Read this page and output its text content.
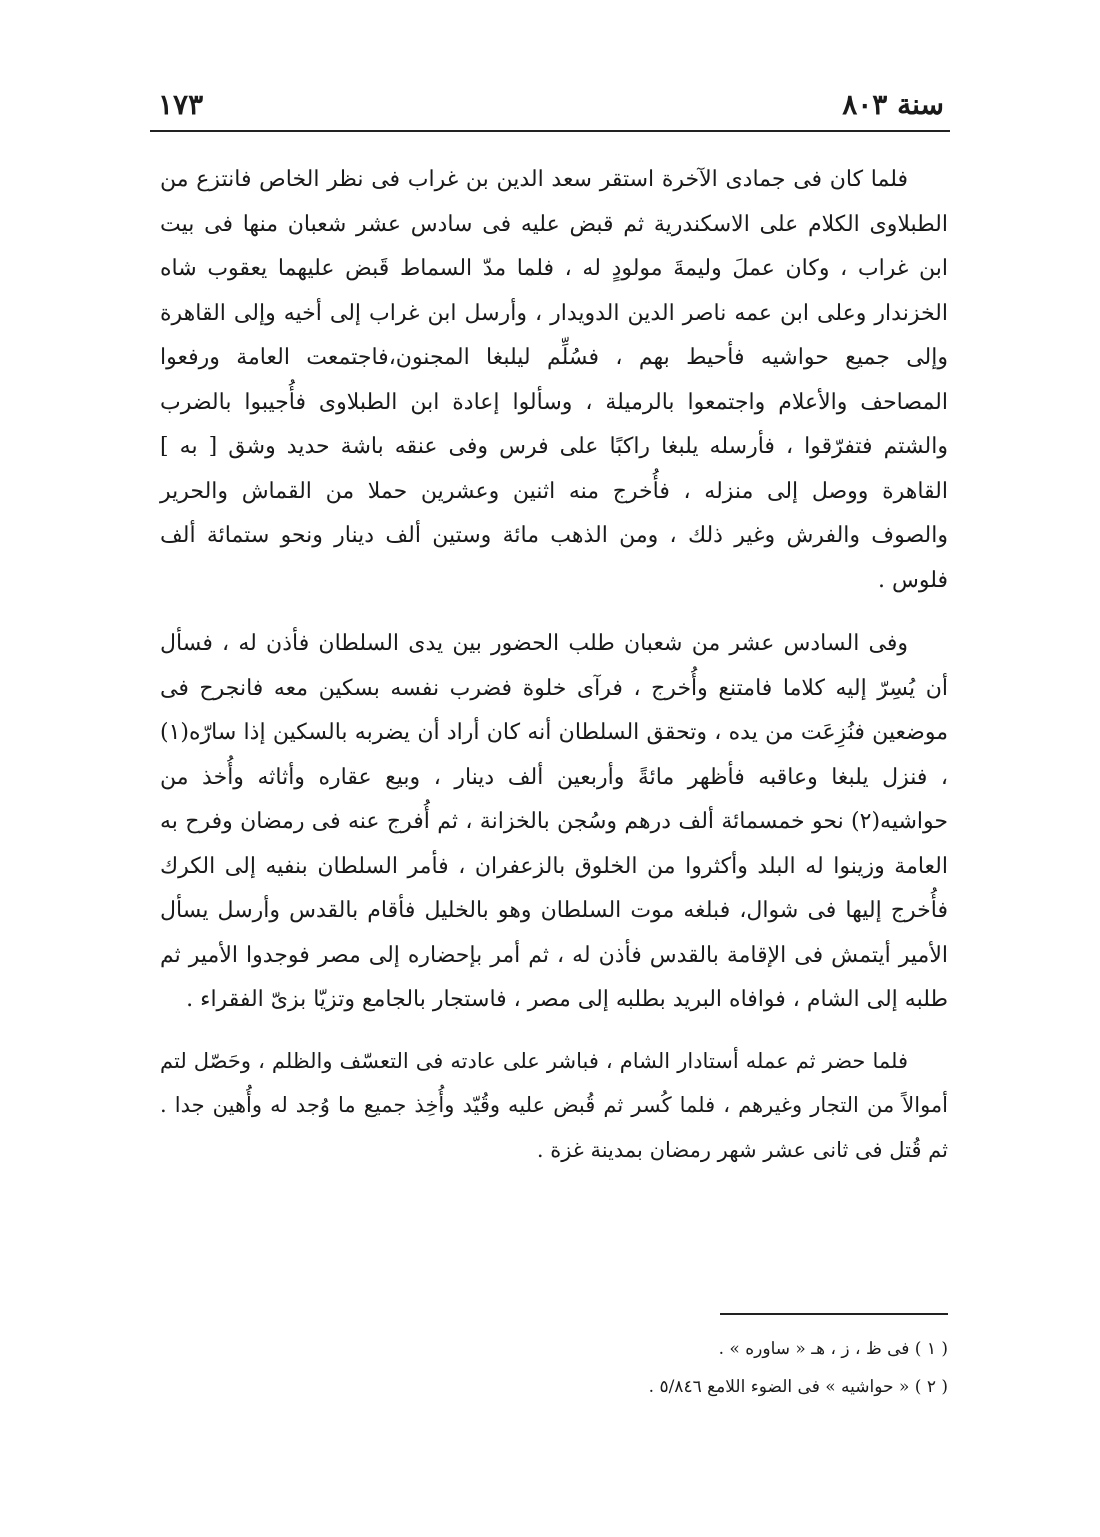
١٧٣	سنة ٨٠٣

فلما كان فى جمادى الآخرة استقر سعد الدين بن غراب فى نظر الخاص فانتزع من الطبلاوى الكلام على الاسكندرية ثم قبض عليه فى سادس عشر شعبان منها فى بيت ابن غراب ، وكان عملَ وليمةَ مولودٍ له ، فلما مدّ السماط قَبض عليهما يعقوب شاه الخزندار وعلى ابن عمه ناصر الدين الدويدار ، وأرسل ابن غراب إلى أخيه وإلى القاهرة وإلى جميع حواشيه فأحيط بهم ، فسُلِّم ليلبغا المجنون،فاجتمعت العامة ورفعوا المصاحف والأعلام واجتمعوا بالرميلة ، وسألوا إعادة ابن الطبلاوى فأُجيبوا بالضرب والشتم فتفرّقوا ، فأرسله يلبغا راكبًا على فرس وفى عنقه باشة حديد وشق [ به ] القاهرة ووصل إلى منزله ، فأُخرج منه اثنين وعشرين حملا من القماش والحرير والصوف والفرش وغير ذلك ، ومن الذهب مائة وستين ألف دينار ونحو ستمائة ألف فلوس .

وفى السادس عشر من شعبان طلب الحضور بين يدى السلطان فأذن له ، فسأل أن يُسِرّ إليه كلاما فامتنع وأُخرج ، فرآى خلوة فضرب نفسه بسكين معه فانجرح فى موضعين فنُزِعَت من يده ، وتحقق السلطان أنه كان أراد أن يضربه بالسكين إذا سارّه(١) ، فنزل يلبغا وعاقبه فأظهر مائةً وأربعين ألف دينار ، وبيع عقاره وأثاثه وأُخذ من حواشيه(٢) نحو خمسمائة ألف درهم وسُجن بالخزانة ، ثم أُفرج عنه فى رمضان وفرح به العامة وزينوا له البلد وأكثروا من الخلوق بالزعفران ، فأمر السلطان بنفيه إلى الكرك فأُخرج إليها فى شوال، فبلغه موت السلطان وهو بالخليل فأقام بالقدس وأرسل يسأل الأمير أيتمش فى الإقامة بالقدس فأذن له ، ثم أمر بإحضاره إلى مصر فوجدوا الأمير ثم طلبه إلى الشام ، فوافاه البريد بطلبه إلى مصر ، فاستجار بالجامع وتزيّا بزىّ الفقراء .

فلما حضر ثم عمله أستادار الشام ، فباشر على عادته فى التعسّف والظلم ، وحَصّل لتم أموالاً من التجار وغيرهم ، فلما كُسر ثم قُبض عليه وقُيّد وأُخِذ جميع ما وُجد له وأُهين جدا . ثم قُتل فى ثانى عشر شهر رمضان بمدينة غزة .

( ١ ) فى ظ ، ز ، هـ « ساوره » .

( ٢ ) « حواشيه » فى الضوء اللامع ٥/٨٤٦ .
